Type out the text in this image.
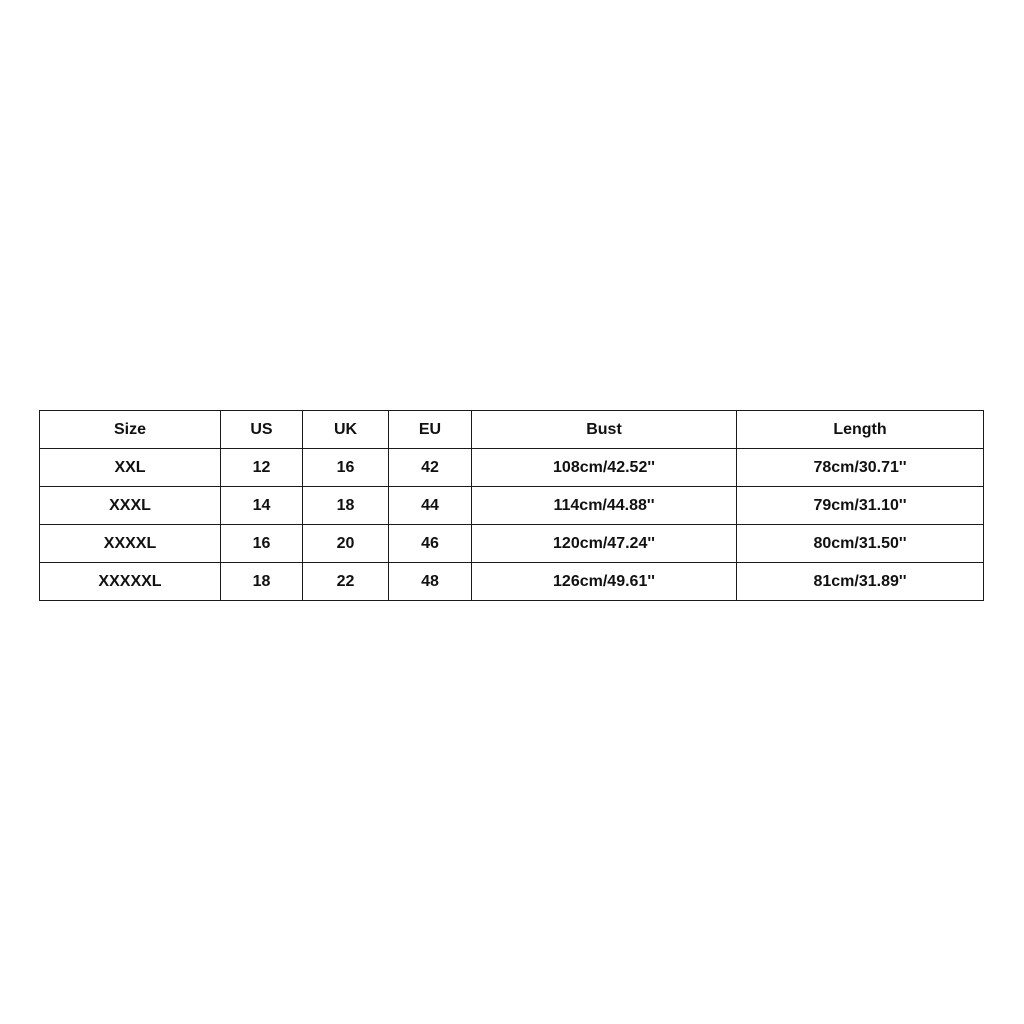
Size	US	UK	EU	Bust	Length
XXL	12	16	42	108cm/42.52''	78cm/30.71''
XXXL	14	18	44	114cm/44.88''	79cm/31.10''
XXXXL	16	20	46	120cm/47.24''	80cm/31.50''
XXXXXL	18	22	48	126cm/49.61''	81cm/31.89''
